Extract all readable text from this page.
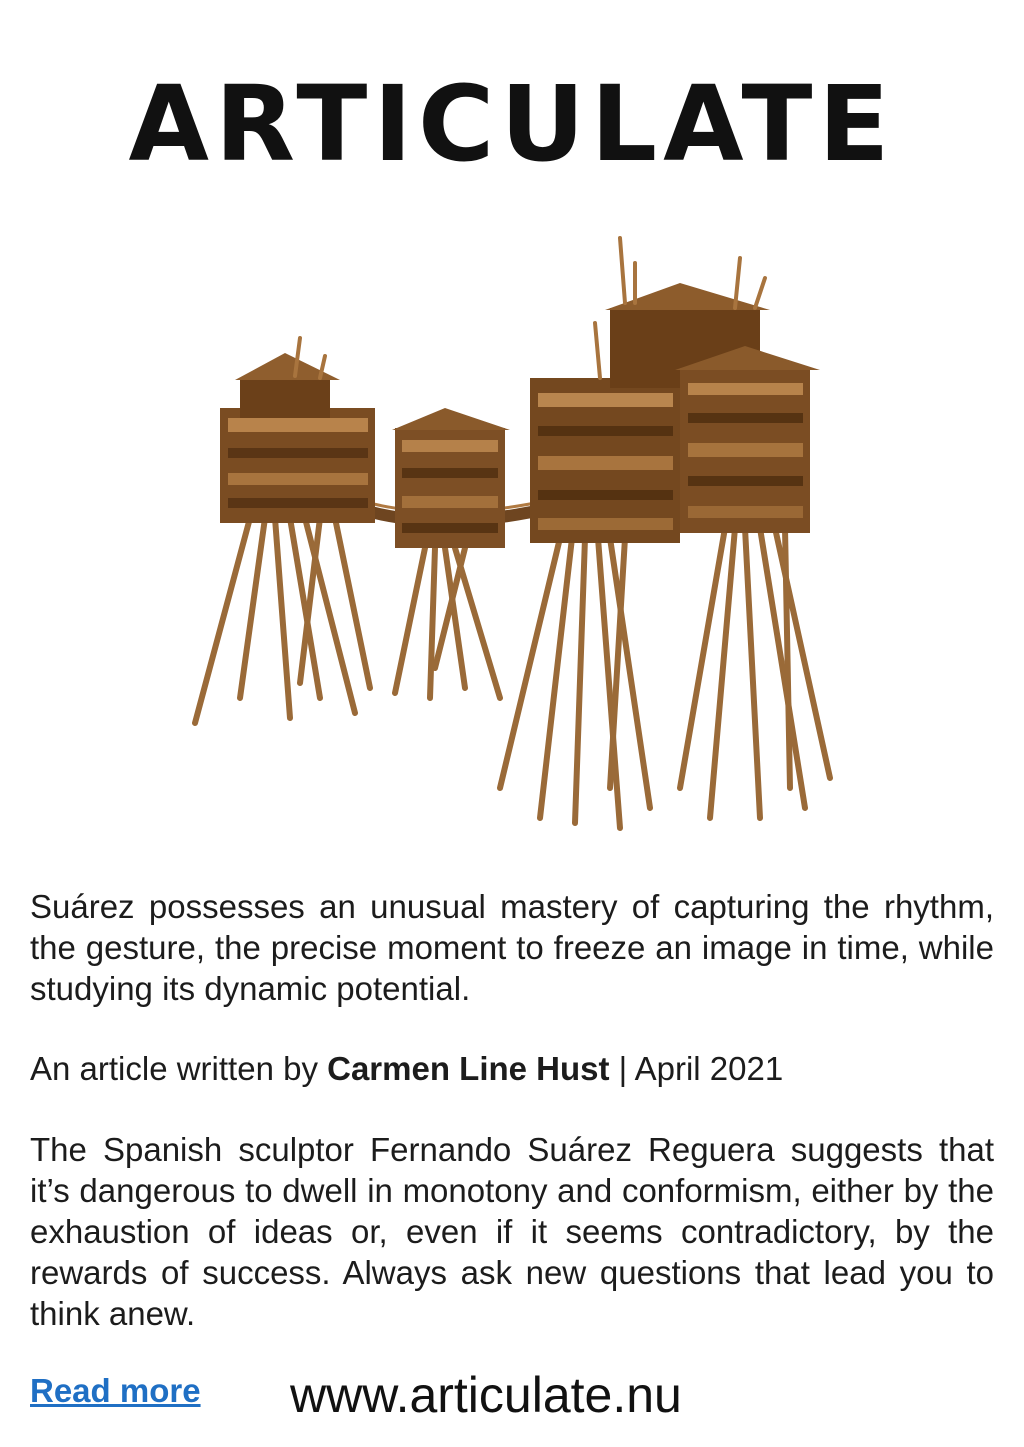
ARTICULATE
Suárez possesses an unusual mastery of capturing the rhythm, the gesture, the precise moment to freeze an image in time, while studying its dynamic potential.
An article written by Carmen Line Hust | April 2021
The Spanish sculptor Fernando Suárez Reguera suggests that it’s dangerous to dwell in monotony and conformism, either by the exhaustion of ideas or, even if it seems contradictory, by the rewards of success. Always ask new questions that lead you to think anew.
Read more www.articulate.nu
